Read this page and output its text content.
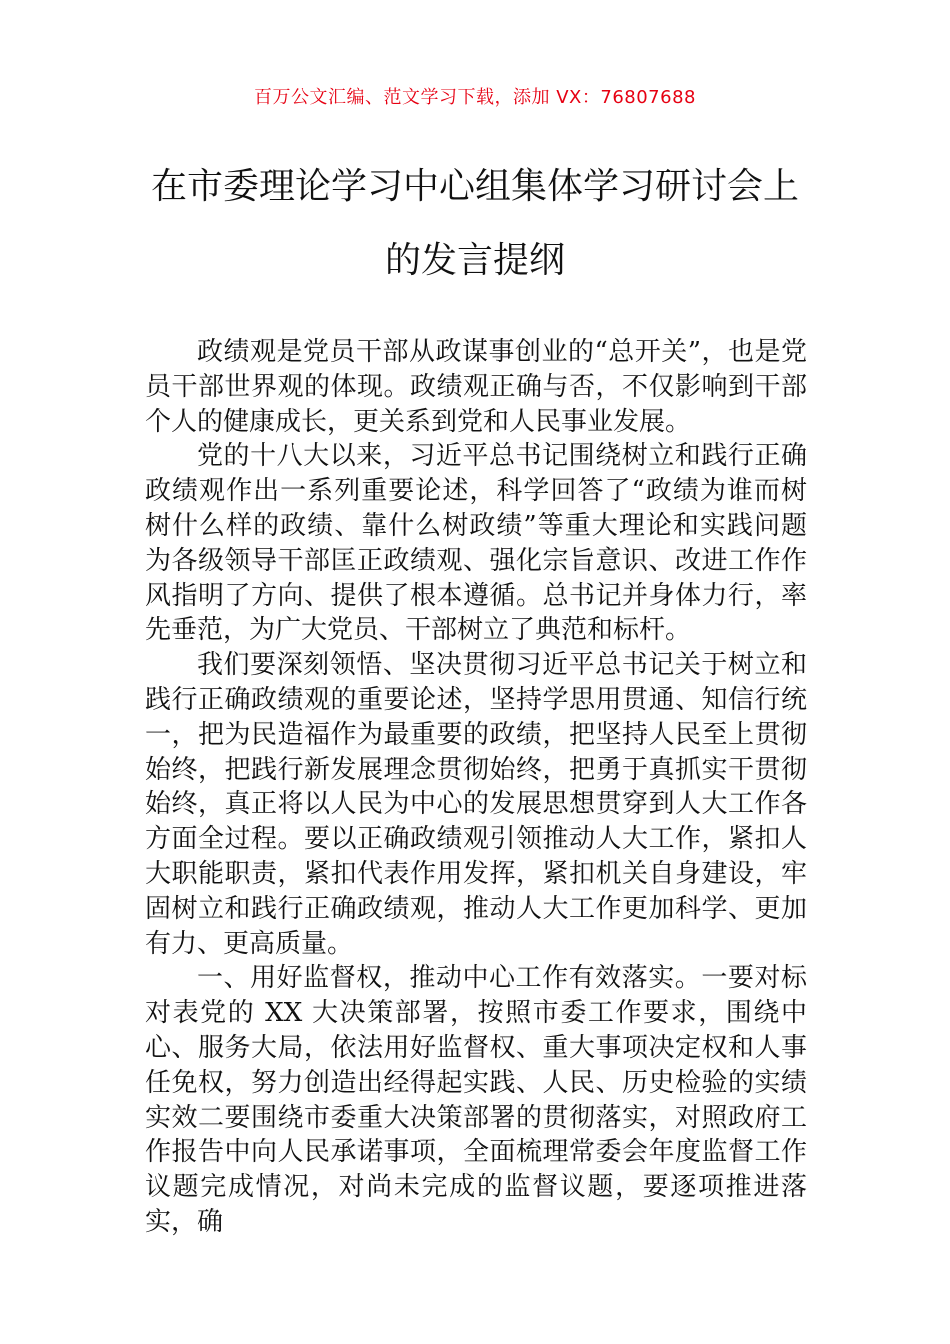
百万公文汇编、范文学习下载，添加 VX：76807688
在市委理论学习中心组集体学习研讨会上
的发言提纲

政绩观是党员干部从政谋事创业的“总开关”，也是党员干部世界观的体现。政绩观正确与否，不仅影响到干部个人的健康成长，更关系到党和人民事业发展。

党的十八大以来，习近平总书记围绕树立和践行正确政绩观作出一系列重要论述，科学回答了“政绩为谁而树树什么样的政绩、靠什么树政绩”等重大理论和实践问题为各级领导干部匡正政绩观、强化宗旨意识、改进工作作风指明了方向、提供了根本遵循。总书记并身体力行，率先垂范，为广大党员、干部树立了典范和标杆。

我们要深刻领悟、坚决贯彻习近平总书记关于树立和践行正确政绩观的重要论述，坚持学思用贯通、知信行统一，把为民造福作为最重要的政绩，把坚持人民至上贯彻始终，把践行新发展理念贯彻始终，把勇于真抓实干贯彻始终，真正将以人民为中心的发展思想贯穿到人大工作各方面全过程。要以正确政绩观引领推动人大工作，紧扣人大职能职责，紧扣代表作用发挥，紧扣机关自身建设，牢固树立和践行正确政绩观，推动人大工作更加科学、更加有力、更高质量。

一、用好监督权，推动中心工作有效落实。一要对标对表党的 XX 大决策部署，按照市委工作要求，围绕中心、服务大局，依法用好监督权、重大事项决定权和人事任免权，努力创造出经得起实践、人民、历史检验的实绩实效二要围绕市委重大决策部署的贯彻落实，对照政府工作报告中向人民承诺事项，全面梳理常委会年度监督工作议题完成情况，对尚未完成的监督议题，要逐项推进落实，确
